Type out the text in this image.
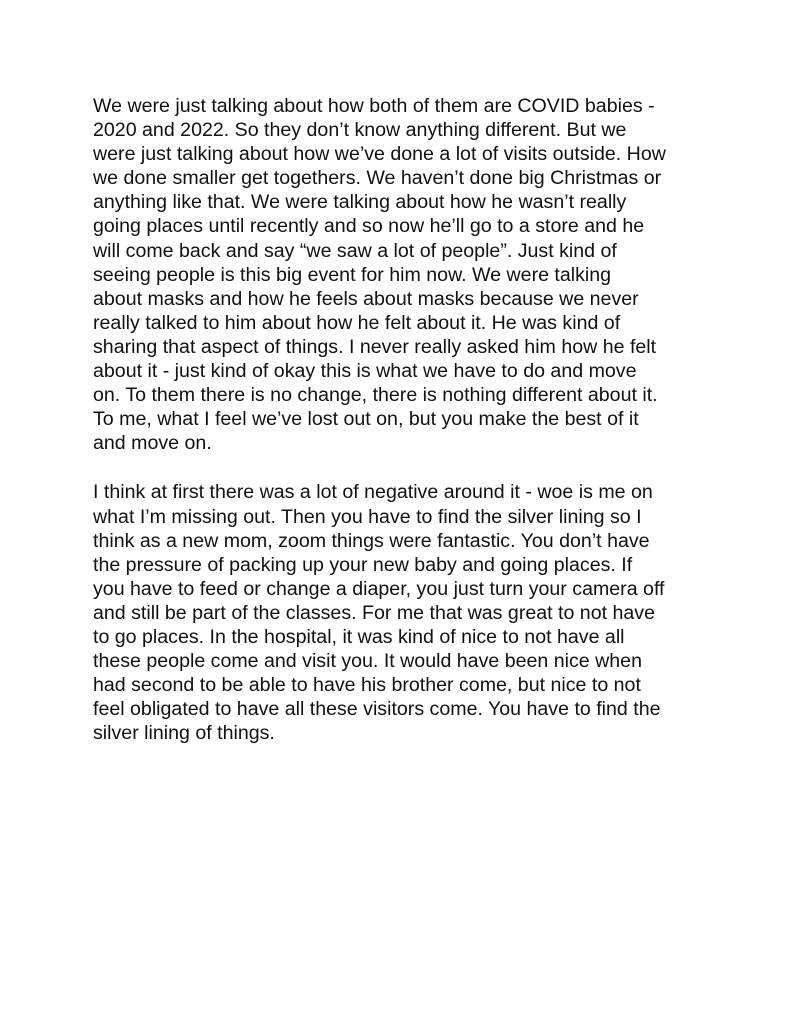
We were just talking about how both of them are COVID babies -
2020 and 2022. So they don’t know anything different. But we
were just talking about how we’ve done a lot of visits outside. How
we done smaller get togethers. We haven’t done big Christmas or
anything like that. We were talking about how he wasn’t really
going places until recently and so now he’ll go to a store and he
will come back and say “we saw a lot of people”. Just kind of
seeing people is this big event for him now. We were talking
about masks and how he feels about masks because we never
really talked to him about how he felt about it. He was kind of
sharing that aspect of things. I never really asked him how he felt
about it - just kind of okay this is what we have to do and move
on. To them there is no change, there is nothing different about it.
To me, what I feel we’ve lost out on, but you make the best of it
and move on.

I think at first there was a lot of negative around it - woe is me on
what I’m missing out. Then you have to find the silver lining so I
think as a new mom, zoom things were fantastic. You don’t have
the pressure of packing up your new baby and going places. If
you have to feed or change a diaper, you just turn your camera off
and still be part of the classes. For me that was great to not have
to go places. In the hospital, it was kind of nice to not have all
these people come and visit you. It would have been nice when
had second to be able to have his brother come, but nice to not
feel obligated to have all these visitors come. You have to find the
silver lining of things.
